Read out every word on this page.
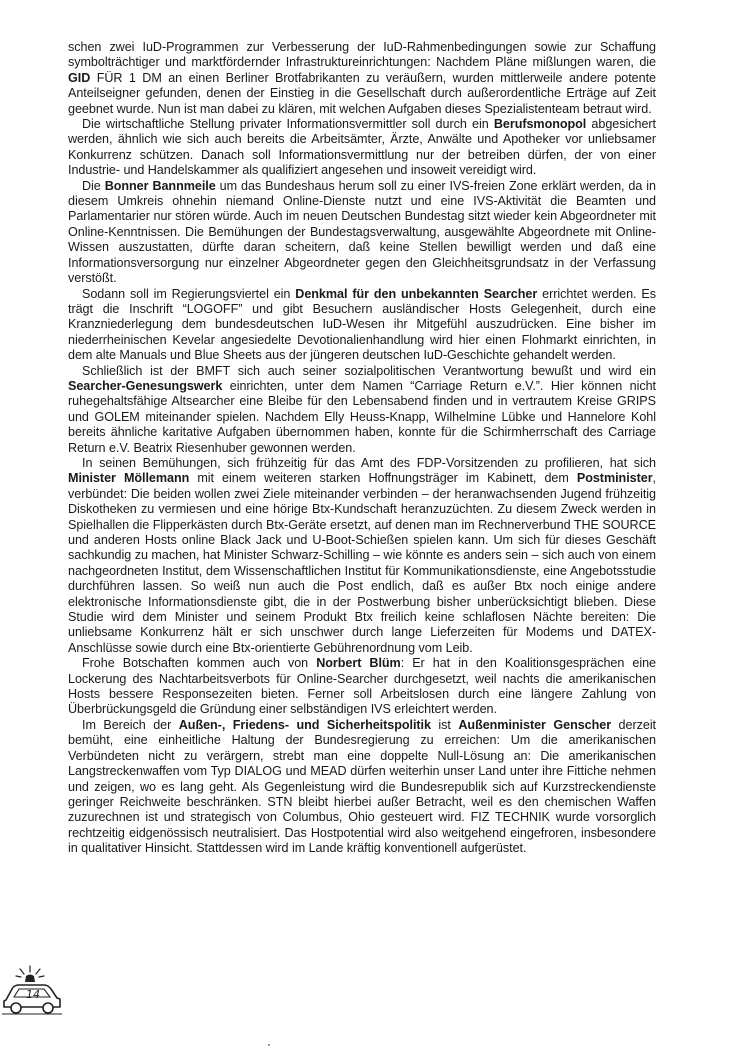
schen zwei IuD-Programmen zur Verbesserung der IuD-Rahmenbedingungen sowie zur Schaffung symbolträchtiger und marktfördernder Infrastruktureinrichtungen: Nachdem Pläne mißlungen waren, die GID FÜR 1 DM an einen Berliner Brotfabrikanten zu veräußern, wurden mittlerweile andere potente Anteilseigner gefunden, denen der Einstieg in die Gesellschaft durch außerordentliche Erträge auf Zeit geebnet wurde. Nun ist man dabei zu klären, mit welchen Aufgaben dieses Spezialistenteam betraut wird.

Die wirtschaftliche Stellung privater Informationsvermittler soll durch ein Berufsmonopol abgesichert werden, ähnlich wie sich auch bereits die Arbeitsämter, Ärzte, Anwälte und Apotheker vor unliebsamer Konkurrenz schützen. Danach soll Informationsvermittlung nur der betreiben dürfen, der von einer Industrie- und Handelskammer als qualifiziert angesehen und insoweit vereidigt wird.

Die Bonner Bannmeile um das Bundeshaus herum soll zu einer IVS-freien Zone erklärt werden, da in diesem Umkreis ohnehin niemand Online-Dienste nutzt und eine IVS-Aktivität die Beamten und Parlamentarier nur stören würde. Auch im neuen Deutschen Bundestag sitzt wieder kein Abgeordneter mit Online-Kenntnissen. Die Bemühungen der Bundestagsverwaltung, ausgewählte Abgeordnete mit Online-Wissen auszustatten, dürfte daran scheitern, daß keine Stellen bewilligt werden und daß eine Informationsversorgung nur einzelner Abgeordneter gegen den Gleichheitsgrundsatz in der Verfassung verstößt.

Sodann soll im Regierungsviertel ein Denkmal für den unbekannten Searcher errichtet werden. Es trägt die Inschrift “LOGOFF” und gibt Besuchern ausländischer Hosts Gelegenheit, durch eine Kranzniederlegung dem bundesdeutschen IuD-Wesen ihr Mitgefühl auszudrücken. Eine bisher im niederrheinischen Kevelar angesiedelte Devotionalienhandlung wird hier einen Flohmarkt einrichten, in dem alte Manuals und Blue Sheets aus der jüngeren deutschen IuD-Geschichte gehandelt werden.

Schließlich ist der BMFT sich auch seiner sozialpolitischen Verantwortung bewußt und wird ein Searcher-Genesungswerk einrichten, unter dem Namen “Carriage Return e.V.”. Hier können nicht ruhegehaltsfähige Altsearcher eine Bleibe für den Lebensabend finden und in vertrautem Kreise GRIPS und GOLEM miteinander spielen. Nachdem Elly Heuss-Knapp, Wilhelmine Lübke und Hannelore Kohl bereits ähnliche karitative Aufgaben übernommen haben, konnte für die Schirmherrschaft des Carriage Return e.V. Beatrix Riesenhuber gewonnen werden.

In seinen Bemühungen, sich frühzeitig für das Amt des FDP-Vorsitzenden zu profilieren, hat sich Minister Möllemann mit einem weiteren starken Hoffnungsträger im Kabinett, dem Postminister, verbündet: Die beiden wollen zwei Ziele miteinander verbinden – der heranwachsenden Jugend frühzeitig Diskotheken zu vermiesen und eine hörige Btx-Kundschaft heranzuzüchten. Zu diesem Zweck werden in Spielhallen die Flipperkästen durch Btx-Geräte ersetzt, auf denen man im Rechnerverbund THE SOURCE und anderen Hosts online Black Jack und U-Boot-Schießen spielen kann. Um sich für dieses Geschäft sachkundig zu machen, hat Minister Schwarz-Schilling – wie könnte es anders sein – sich auch von einem nachgeordneten Institut, dem Wissenschaftlichen Institut für Kommunikationsdienste, eine Angebotsstudie durchführen lassen. So weiß nun auch die Post endlich, daß es außer Btx noch einige andere elektronische Informationsdienste gibt, die in der Postwerbung bisher unberücksichtigt blieben. Diese Studie wird dem Minister und seinem Produkt Btx freilich keine schlaflosen Nächte bereiten: Die unliebsame Konkurrenz hält er sich unschwer durch lange Lieferzeiten für Modems und DATEX-Anschlüsse sowie durch eine Btx-orientierte Gebührenordnung vom Leib.

Frohe Botschaften kommen auch von Norbert Blüm: Er hat in den Koalitionsgesprächen eine Lockerung des Nachtarbeitsverbots für Online-Searcher durchgesetzt, weil nachts die amerikanischen Hosts bessere Responsezeiten bieten. Ferner soll Arbeitslosen durch eine längere Zahlung von Überbrückungsgeld die Gründung einer selbständigen IVS erleichtert werden.

Im Bereich der Außen-, Friedens- und Sicherheitspolitik ist Außenminister Genscher derzeit bemüht, eine einheitliche Haltung der Bundesregierung zu erreichen: Um die amerikanischen Verbündeten nicht zu verärgern, strebt man eine doppelte Null-Lösung an: Die amerikanischen Langstreckenwaffen vom Typ DIALOG und MEAD dürfen weiterhin unser Land unter ihre Fittiche nehmen und zeigen, wo es lang geht. Als Gegenleistung wird die Bundesrepublik sich auf Kurzstreckendienste geringer Reichweite beschränken. STN bleibt hierbei außer Betracht, weil es den chemischen Waffen zuzurechnen ist und strategisch von Columbus, Ohio gesteuert wird. FIZ TECHNIK wurde vorsorglich rechtzeitig eidgenössisch neutralisiert. Das Hostpotential wird also weitgehend eingefroren, insbesondere in qualitativer Hinsicht. Stattdessen wird im Lande kräftig konventionell aufgerüstet.

14
